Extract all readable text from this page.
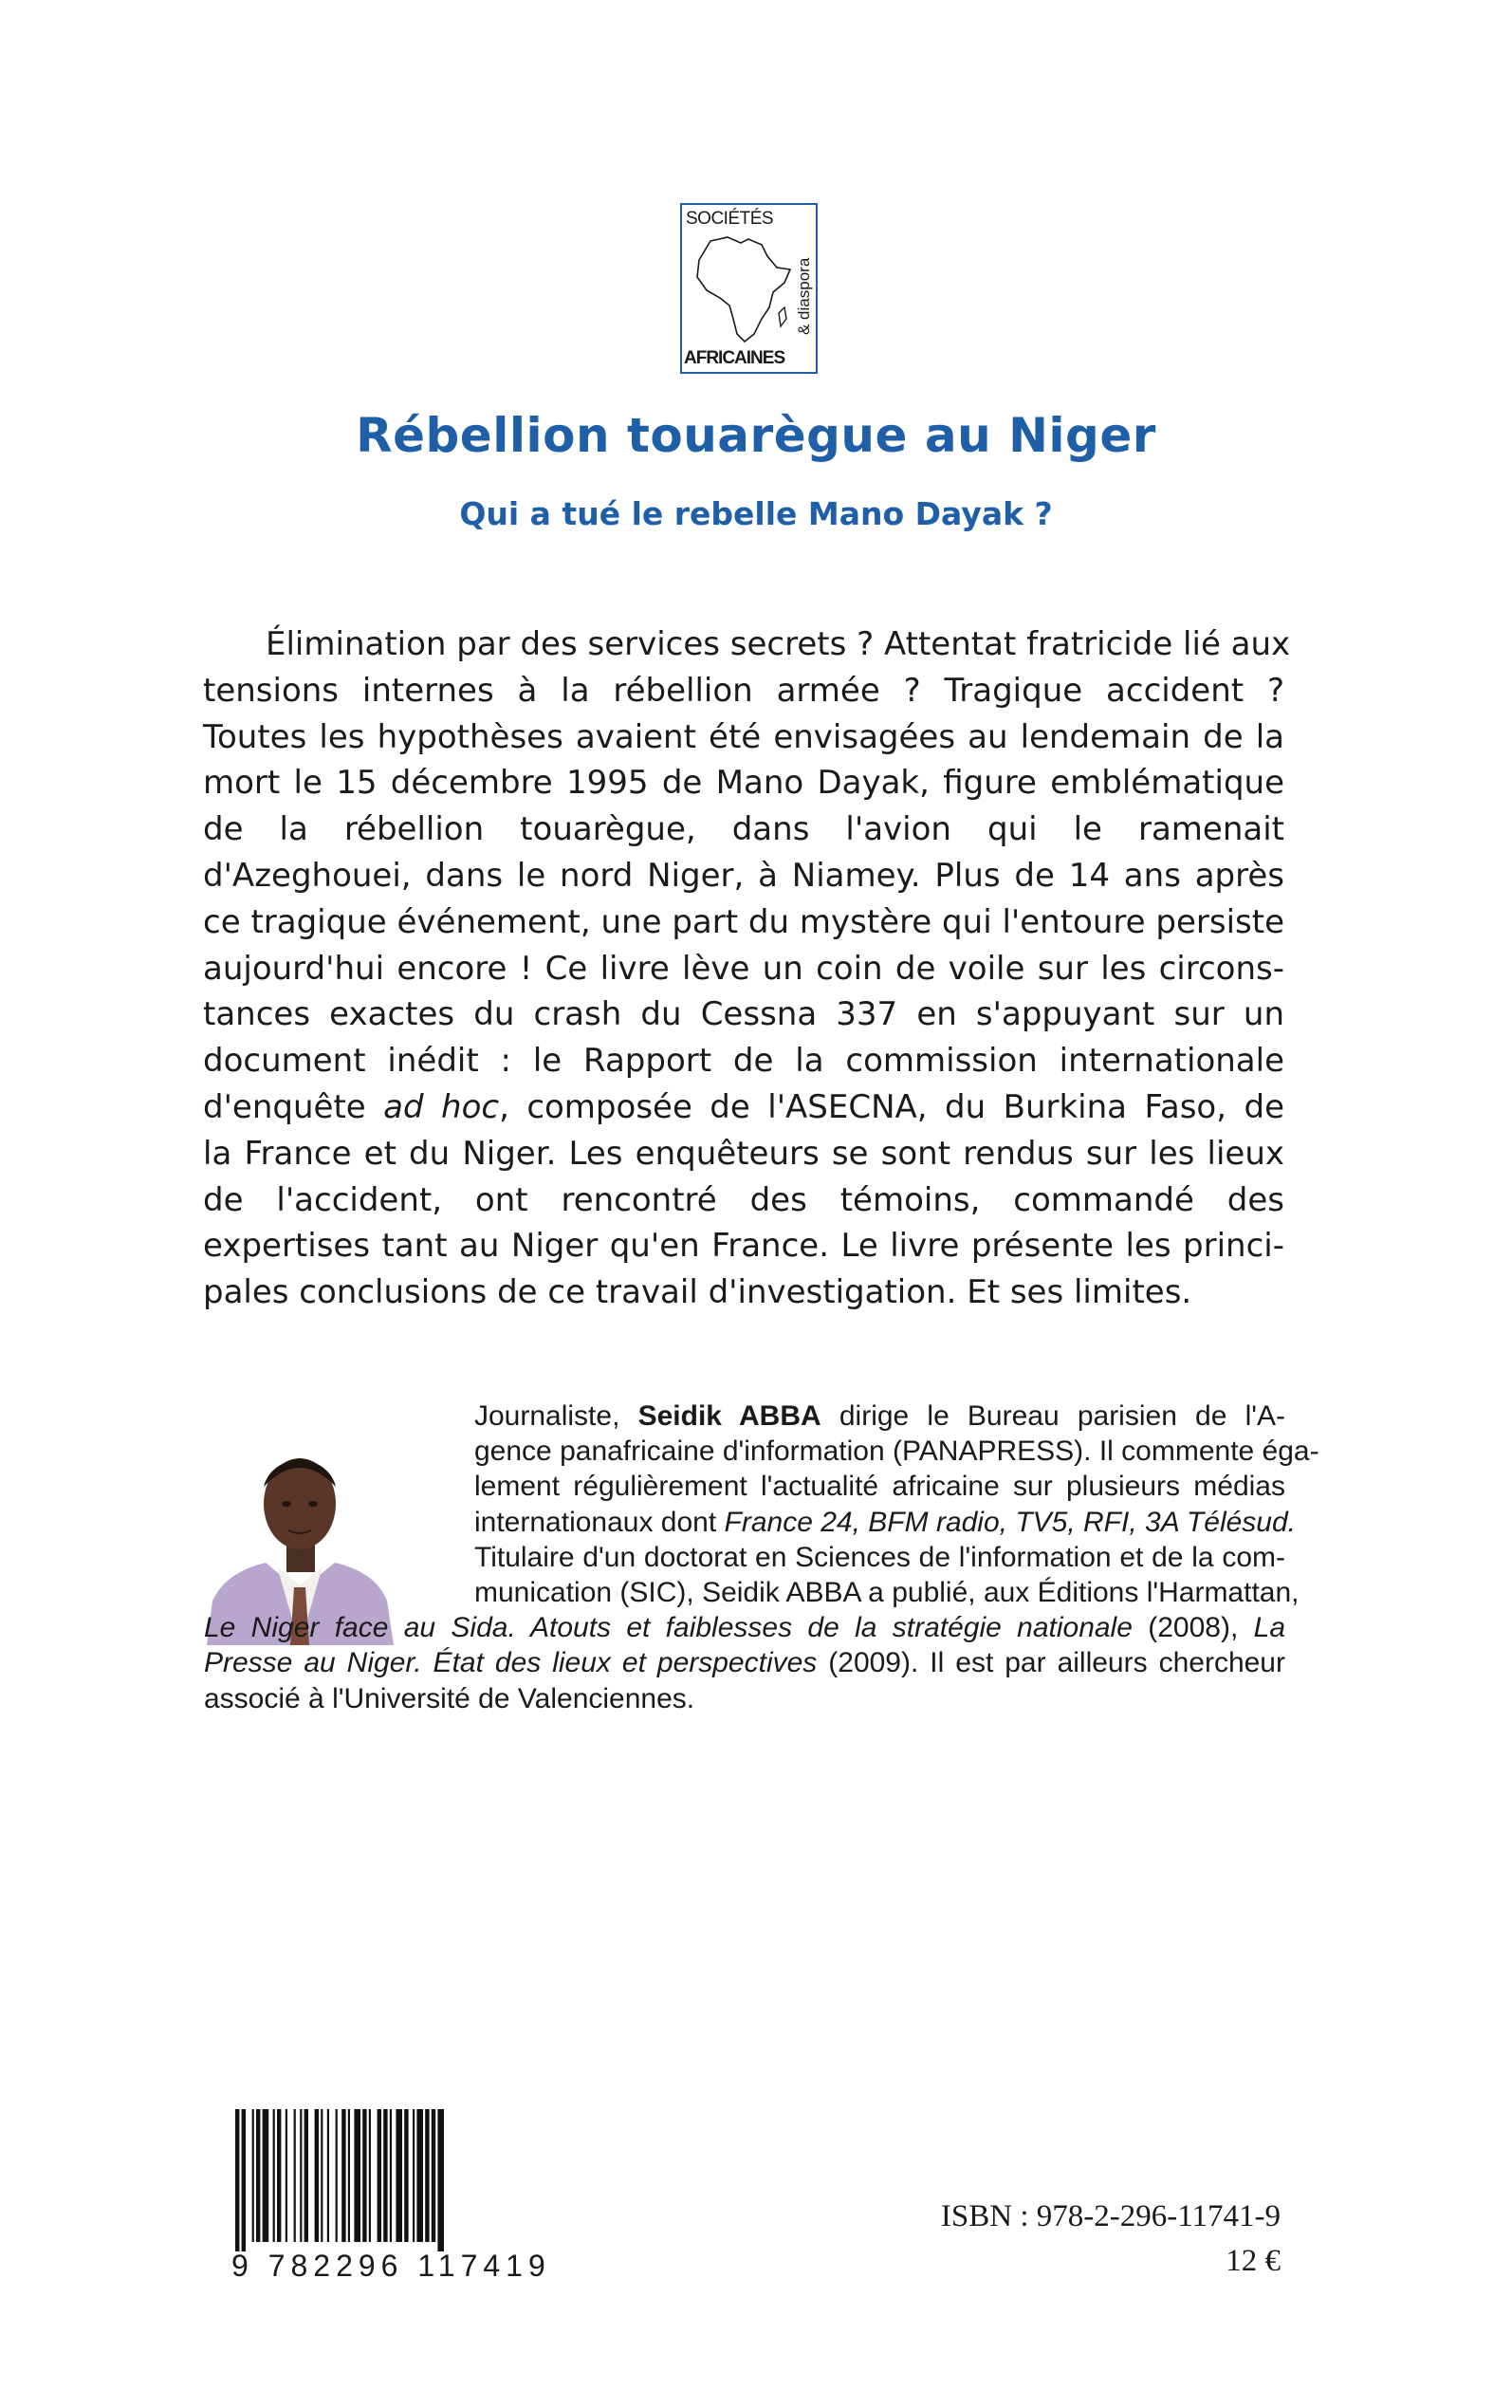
SOCIÉTÉS
& diaspora
AFRICAINES
Rébellion touarègue au Niger
Qui a tué le rebelle Mano Dayak ?
Élimination par des services secrets ? Attentat fratricide lié aux
tensions internes à la rébellion armée ? Tragique accident ?
Toutes les hypothèses avaient été envisagées au lendemain de la
mort le 15 décembre 1995 de Mano Dayak, figure emblématique
de la rébellion touarègue, dans l'avion qui le ramenait
d'Azeghouei, dans le nord Niger, à Niamey. Plus de 14 ans après
ce tragique événement, une part du mystère qui l'entoure persiste
aujourd'hui encore ! Ce livre lève un coin de voile sur les circons-
tances exactes du crash du Cessna 337 en s'appuyant sur un
document inédit : le Rapport de la commission internationale
d'enquête ad hoc, composée de l'ASECNA, du Burkina Faso, de
la France et du Niger. Les enquêteurs se sont rendus sur les lieux
de l'accident, ont rencontré des témoins, commandé des
expertises tant au Niger qu'en France. Le livre présente les princi-
pales conclusions de ce travail d'investigation. Et ses limites.
Journaliste, Seidik ABBA dirige le Bureau parisien de l'A-
gence panafricaine d'information (PANAPRESS). Il commente éga-
lement régulièrement l'actualité africaine sur plusieurs médias
internationaux dont France 24, BFM radio, TV5, RFI, 3A Télésud.
Titulaire d'un doctorat en Sciences de l'information et de la com-
munication (SIC), Seidik ABBA a publié, aux Éditions l'Harmattan,
Le Niger face au Sida. Atouts et faiblesses de la stratégie nationale (2008), La
Presse au Niger. État des lieux et perspectives (2009). Il est par ailleurs chercheur
associé à l'Université de Valenciennes.
9 782296 117419
ISBN : 978-2-296-11741-9
12 €
